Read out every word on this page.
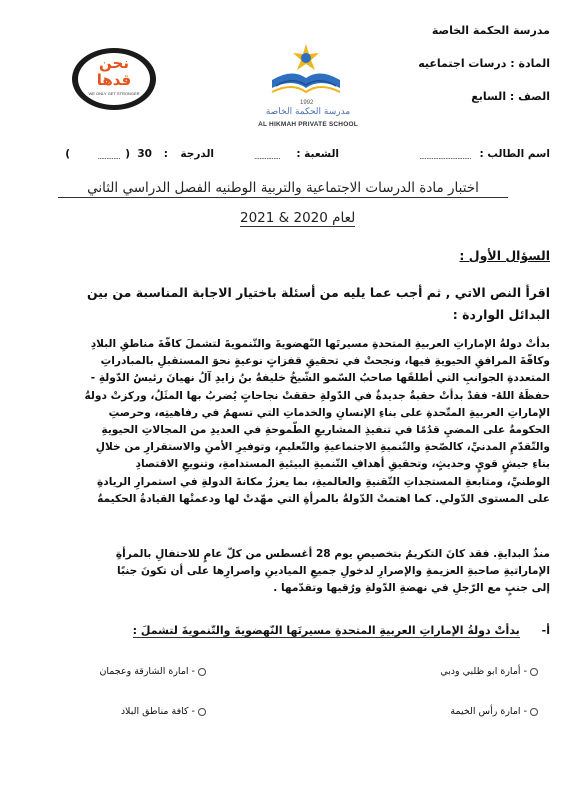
مدرسة الحكمة الخاصة
المادة : درسات اجتماعيه
الصف : السابع
1992
مدرسة الحكمة الخاصة
AL HIKMAH PRIVATE SCHOOL
نحن
قدها
WE ONLY GET STRONGER
اسم الطالب :
..............................
الشعبة :
...............
الدرجة
:
30
(
.............
)
اختبار مادة الدرسات الاجتماعية والتربية الوطنيه الفصل الدراسي الثاني
لعام 2020 & 2021
السؤال الأول :
اقرأ النص الاتي , ثم أجب عما يليه من أسئلة باختيار الاجابة المناسبة من بين
البدائل الواردة :
بدأتْ دولةُ الإماراتِ العربيةِ المتحدةِ مسيرتَها النّهضويةَ والتّنمويةَ لتشملَ كافّةَ مناطقِ البلادِ
وكافّةَ المرافقِ الحيويةِ فيها، ونجحتْ في تحقيقِ قفزاتٍ نوعيةٍ نحوَ المستقبلِ بالمبادراتِ
المتعددةِ الجوانبِ التي أطلقَها صاحبُ السّمو الشّيخُ خليفةُ بنُ زايدِ آلُ نهيانَ رئيسُ الدّولةِ -
حفظَهُ اللهُ- فقدْ بدأتْ حقبةٌ جديدةٌ في الدّولةِ حققتْ نجاحاتٍ يُضربُ بها المثَلُ، وركزتْ دولةُ
الإماراتِ العربيةِ المتّحدةِ على بناءِ الإنسانِ والخدماتِ التي تسهمُ في رفاهيتِه، وحرصتِ
الحكومةُ على المضيِ قدُمًا في تنفيذِ المشاريعِ الطّموحةِ في العديدِ من المجالاتِ الحيويةِ
والتّقدّمِ المدنيِّ، كالصّحةِ والتّنميةِ الاجتماعيةِ والتّعليمِ، وتوفيرِ الأمنِ والاستقرارِ من خلالِ
بناءِ جيشٍ قويٍ وحديثٍ، وتحقيقِ أهدافِ التّنميةِ البيئيةِ المستدامةِ، وتنويعِ الاقتصادِ
الوطنيِّ، ومتابعةِ المستجداتِ التّقنيةِ والعالميةِ، بما يعززُ مكانةَ الدولةِ في استمرارِ الريادةِ
على المستوى الدّولي. كما اهتمتْ الدّولةُ بالمرأةِ التي مهّدتْ لها ودعمتْها القيادةُ الحكيمةُ
منذُ البدايةِ. فقد كانَ التكريمُ بتخصيصِ يوم 28 أغسطس من كلّ عامٍ للاحتفالِ بالمرأةِ
الإماراتيةِ صاحبةِ العزيمةِ والإصرارِ لدخولِ جميعِ الميادينِ واصرارِها على أن تكونَ جنبًا
إلى جنبٍ مع الرّجلِ في نهضةِ الدّولةِ ورُقيها وتقدّمها .
أ- بدأتْ دولةُ الإماراتِ العربيةِ المتحدةِ مسيرتَها النّهضويةَ والتّنمويةَ لتشملَ :
- أمارة ابو ظلبي ودبي
- امارة الشارقة وعجمان
- امارة رأس الخيمة
- كافة مناطق البلاد
